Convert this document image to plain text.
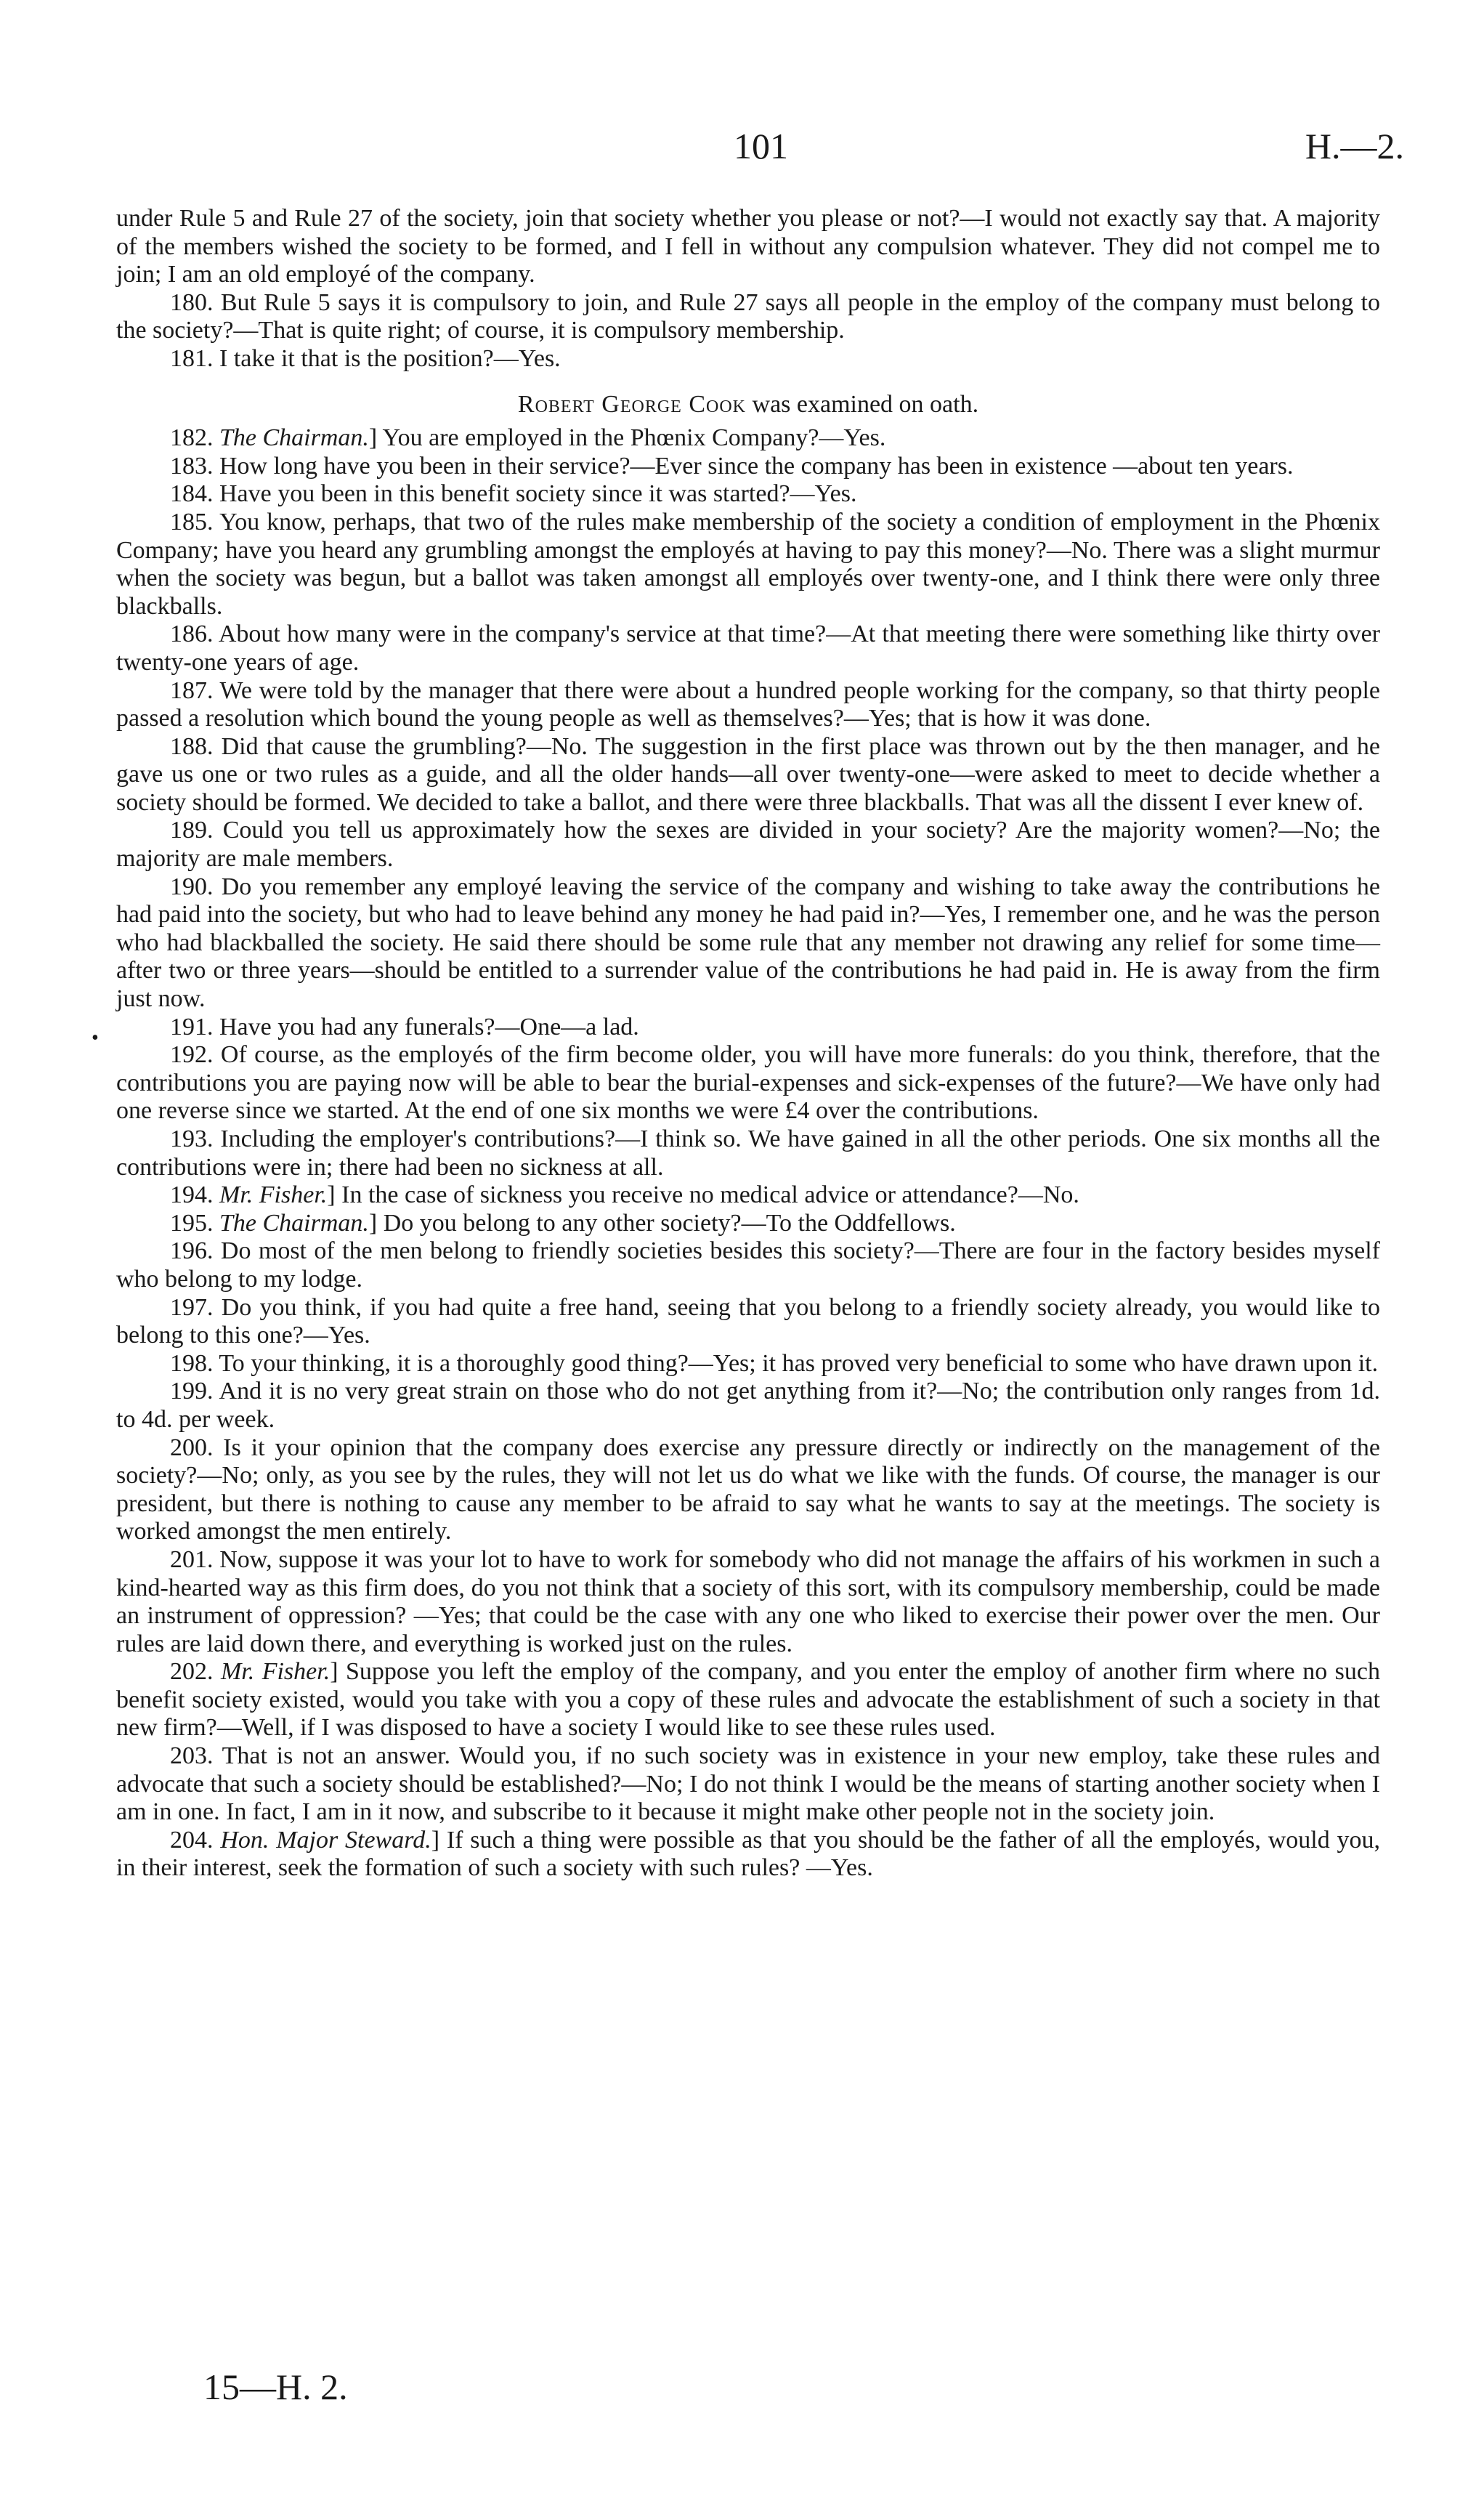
101	H.—2.
•

under Rule 5 and Rule 27 of the society, join that society whether you please or not?—I would not exactly say that. A majority of the members wished the society to be formed, and I fell in without any compulsion whatever. They did not compel me to join; I am an old employé of the company.

180. But Rule 5 says it is compulsory to join, and Rule 27 says all people in the employ of the company must belong to the society?—That is quite right; of course, it is compulsory membership.

181. I take it that is the position?—Yes.

Robert George Cook was examined on oath.

182. The Chairman.] You are employed in the Phœnix Company?—Yes.

183. How long have you been in their service?—Ever since the company has been in existence —about ten years.

184. Have you been in this benefit society since it was started?—Yes.

185. You know, perhaps, that two of the rules make membership of the society a condition of employment in the Phœnix Company; have you heard any grumbling amongst the employés at having to pay this money?—No. There was a slight murmur when the society was begun, but a ballot was taken amongst all employés over twenty-one, and I think there were only three blackballs.

186. About how many were in the company's service at that time?—At that meeting there were something like thirty over twenty-one years of age.

187. We were told by the manager that there were about a hundred people working for the company, so that thirty people passed a resolution which bound the young people as well as themselves?—Yes; that is how it was done.

188. Did that cause the grumbling?—No. The suggestion in the first place was thrown out by the then manager, and he gave us one or two rules as a guide, and all the older hands—all over twenty-one—were asked to meet to decide whether a society should be formed. We decided to take a ballot, and there were three blackballs. That was all the dissent I ever knew of.

189. Could you tell us approximately how the sexes are divided in your society? Are the majority women?—No; the majority are male members.

190. Do you remember any employé leaving the service of the company and wishing to take away the contributions he had paid into the society, but who had to leave behind any money he had paid in?—Yes, I remember one, and he was the person who had blackballed the society. He said there should be some rule that any member not drawing any relief for some time—after two or three years—should be entitled to a surrender value of the contributions he had paid in. He is away from the firm just now.

191. Have you had any funerals?—One—a lad.

192. Of course, as the employés of the firm become older, you will have more funerals: do you think, therefore, that the contributions you are paying now will be able to bear the burial-expenses and sick-expenses of the future?—We have only had one reverse since we started. At the end of one six months we were £4 over the contributions.

193. Including the employer's contributions?—I think so. We have gained in all the other periods. One six months all the contributions were in; there had been no sickness at all.

194. Mr. Fisher.] In the case of sickness you receive no medical advice or attendance?—No.

195. The Chairman.] Do you belong to any other society?—To the Oddfellows.

196. Do most of the men belong to friendly societies besides this society?—There are four in the factory besides myself who belong to my lodge.

197. Do you think, if you had quite a free hand, seeing that you belong to a friendly society already, you would like to belong to this one?—Yes.

198. To your thinking, it is a thoroughly good thing?—Yes; it has proved very beneficial to some who have drawn upon it.

199. And it is no very great strain on those who do not get anything from it?—No; the contribution only ranges from 1d. to 4d. per week.

200. Is it your opinion that the company does exercise any pressure directly or indirectly on the management of the society?—No; only, as you see by the rules, they will not let us do what we like with the funds. Of course, the manager is our president, but there is nothing to cause any member to be afraid to say what he wants to say at the meetings. The society is worked amongst the men entirely.

201. Now, suppose it was your lot to have to work for somebody who did not manage the affairs of his workmen in such a kind-hearted way as this firm does, do you not think that a society of this sort, with its compulsory membership, could be made an instrument of oppression? —Yes; that could be the case with any one who liked to exercise their power over the men. Our rules are laid down there, and everything is worked just on the rules.

202. Mr. Fisher.] Suppose you left the employ of the company, and you enter the employ of another firm where no such benefit society existed, would you take with you a copy of these rules and advocate the establishment of such a society in that new firm?—Well, if I was disposed to have a society I would like to see these rules used.

203. That is not an answer. Would you, if no such society was in existence in your new employ, take these rules and advocate that such a society should be established?—No; I do not think I would be the means of starting another society when I am in one. In fact, I am in it now, and subscribe to it because it might make other people not in the society join.

204. Hon. Major Steward.] If such a thing were possible as that you should be the father of all the employés, would you, in their interest, seek the formation of such a society with such rules? —Yes.

15—H. 2.
